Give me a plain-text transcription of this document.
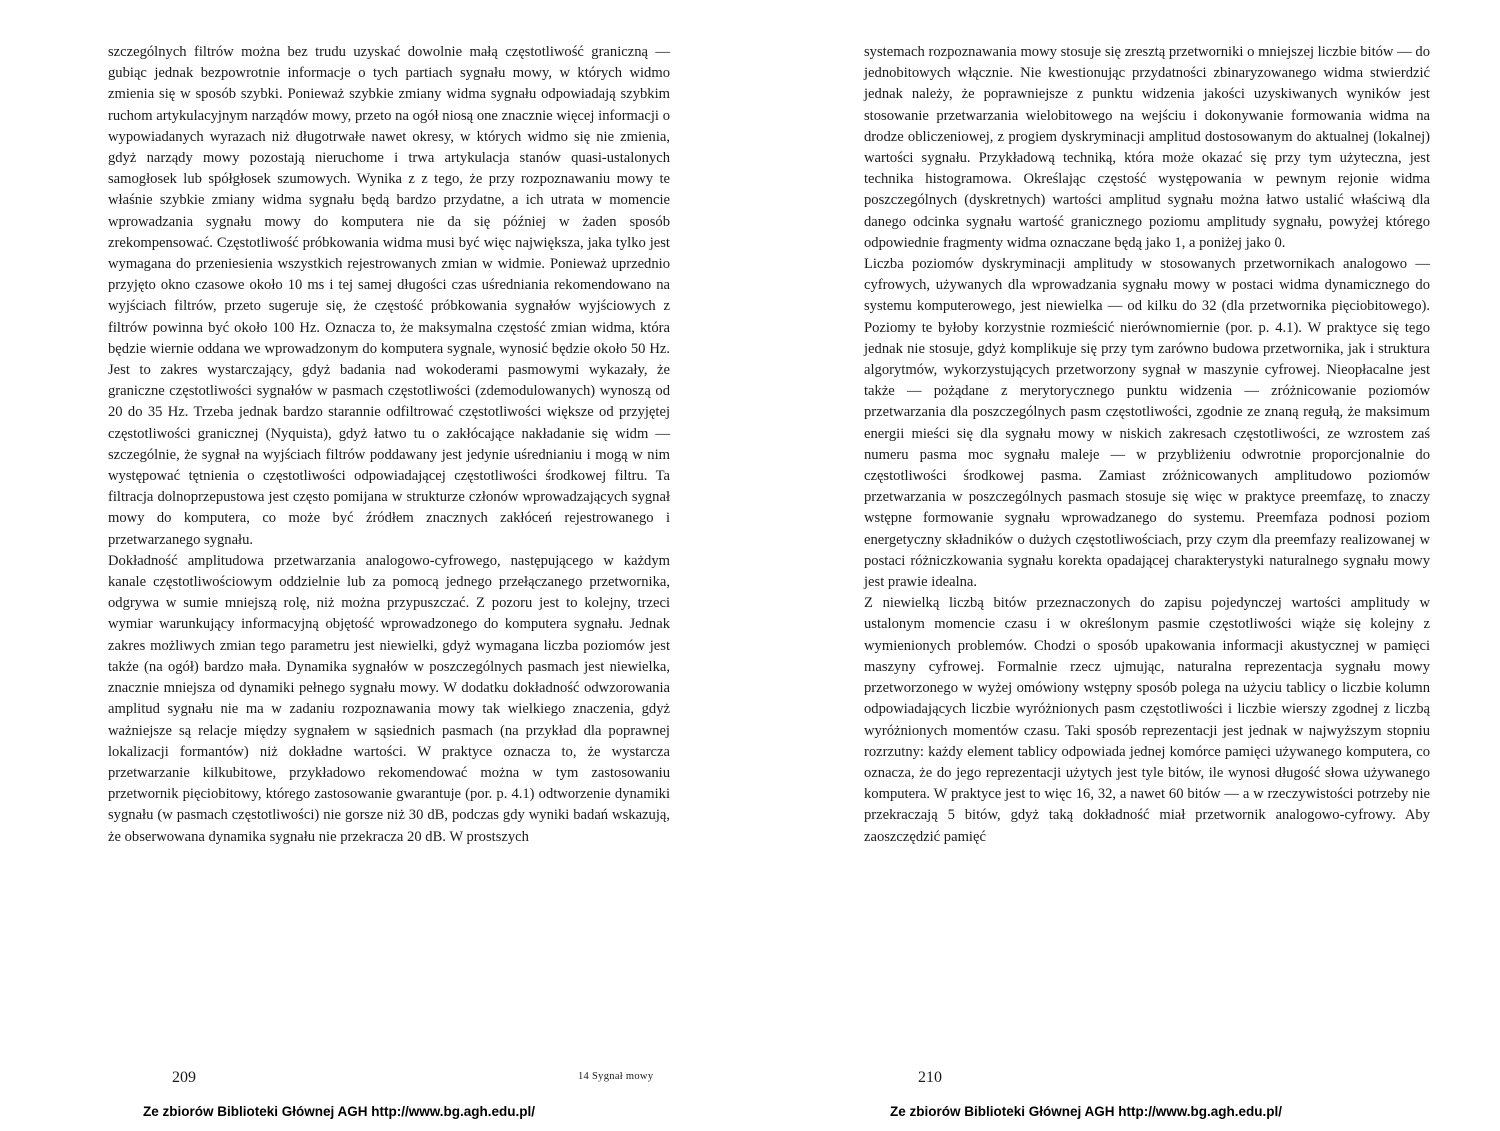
szczególnych filtrów można bez trudu uzyskać dowolnie małą częstotliwość graniczną — gubiąc jednak bezpowrotnie informacje o tych partiach sygnału mowy, w których widmo zmienia się w sposób szybki. Ponieważ szybkie zmiany widma sygnału odpowiadają szybkim ruchom artykulacyjnym narządów mowy, przeto na ogół niosą one znacznie więcej informacji o wypowiadanych wyrazach niż długotrwałe nawet okresy, w których widmo się nie zmienia, gdyż narządy mowy pozostają nieruchome i trwa artykulacja stanów quasi-ustalonych samogłosek lub spółgłosek szumowych. Wynika z z tego, że przy rozpoznawaniu mowy te właśnie szybkie zmiany widma sygnału będą bardzo przydatne, a ich utrata w momencie wprowadzania sygnału mowy do komputera nie da się później w żaden sposób zrekompensować. Częstotliwość próbkowania widma musi być więc największa, jaka tylko jest wymagana do przeniesienia wszystkich rejestrowanych zmian w widmie. Ponieważ uprzednio przyjęto okno czasowe około 10 ms i tej samej długości czas uśredniania rekomendowano na wyjściach filtrów, przeto sugeruje się, że częstość próbkowania sygnałów wyjściowych z filtrów powinna być około 100 Hz. Oznacza to, że maksymalna częstość zmian widma, która będzie wiernie oddana we wprowadzonym do komputera sygnale, wynosić będzie około 50 Hz. Jest to zakres wystarczający, gdyż badania nad wokoderami pasmowymi wykazały, że graniczne częstotliwości sygnałów w pasmach częstotliwości (zdemodulowanych) wynoszą od 20 do 35 Hz. Trzeba jednak bardzo starannie odfiltrować częstotliwości większe od przyjętej częstotliwości granicznej (Nyquista), gdyż łatwo tu o zakłócające nakładanie się widm — szczególnie, że sygnał na wyjściach filtrów poddawany jest jedynie uśrednianiu i mogą w nim występować tętnienia o częstotliwości odpowiadającej częstotliwości środkowej filtru. Ta filtracja dolnoprzepustowa jest często pomijana w strukturze członów wprowadzających sygnał mowy do komputera, co może być źródłem znacznych zakłóceń rejestrowanego i przetwarzanego sygnału.

Dokładność amplitudowa przetwarzania analogowo-cyfrowego, następującego w każdym kanale częstotliwościowym oddzielnie lub za pomocą jednego przełączanego przetwornika, odgrywa w sumie mniejszą rolę, niż można przypuszczać. Z pozoru jest to kolejny, trzeci wymiar warunkujący informacyjną objętość wprowadzonego do komputera sygnału. Jednak zakres możliwych zmian tego parametru jest niewielki, gdyż wymagana liczba poziomów jest także (na ogół) bardzo mała. Dynamika sygnałów w poszczególnych pasmach jest niewielka, znacznie mniejsza od dynamiki pełnego sygnału mowy. W dodatku dokładność odwzorowania amplitud sygnału nie ma w zadaniu rozpoznawania mowy tak wielkiego znaczenia, gdyż ważniejsze są relacje między sygnałem w sąsiednich pasmach (na przykład dla poprawnej lokalizacji formantów) niż dokładne wartości. W praktyce oznacza to, że wystarcza przetwarzanie kilkubitowe, przykładowo rekomendować można w tym zastosowaniu przetwornik pięciobitowy, którego zastosowanie gwarantuje (por. p. 4.1) odtworzenie dynamiki sygnału (w pasmach częstotliwości) nie gorsze niż 30 dB, podczas gdy wyniki badań wskazują, że obserwowana dynamika sygnału nie przekracza 20 dB. W prostszych

209	14 Sygnał mowy
Ze zbiorów Biblioteki Głównej AGH http://www.bg.agh.edu.pl/

systemach rozpoznawania mowy stosuje się zresztą przetworniki o mniejszej liczbie bitów — do jednobitowych włącznie. Nie kwestionując przydatności zbinaryzowanego widma stwierdzić jednak należy, że poprawniejsze z punktu widzenia jakości uzyskiwanych wyników jest stosowanie przetwarzania wielobitowego na wejściu i dokonywanie formowania widma na drodze obliczeniowej, z progiem dyskryminacji amplitud dostosowanym do aktualnej (lokalnej) wartości sygnału. Przykładową techniką, która może okazać się przy tym użyteczna, jest technika histogramowa. Określając częstość występowania w pewnym rejonie widma poszczególnych (dyskretnych) wartości amplitud sygnału można łatwo ustalić właściwą dla danego odcinka sygnału wartość granicznego poziomu amplitudy sygnału, powyżej którego odpowiednie fragmenty widma oznaczane będą jako 1, a poniżej jako 0.

Liczba poziomów dyskryminacji amplitudy w stosowanych przetwornikach analogowo — cyfrowych, używanych dla wprowadzania sygnału mowy w postaci widma dynamicznego do systemu komputerowego, jest niewielka — od kilku do 32 (dla przetwornika pięciobitowego). Poziomy te byłoby korzystnie rozmieścić nierównomiernie (por. p. 4.1). W praktyce się tego jednak nie stosuje, gdyż komplikuje się przy tym zarówno budowa przetwornika, jak i struktura algorytmów, wykorzystujących przetworzony sygnał w maszynie cyfrowej. Nieopłacalne jest także — pożądane z merytorycznego punktu widzenia — zróżnicowanie poziomów przetwarzania dla poszczególnych pasm częstotliwości, zgodnie ze znaną regułą, że maksimum energii mieści się dla sygnału mowy w niskich zakresach częstotliwości, ze wzrostem zaś numeru pasma moc sygnału maleje — w przybliżeniu odwrotnie proporcjonalnie do częstotliwości środkowej pasma. Zamiast zróżnicowanych amplitudowo poziomów przetwarzania w poszczególnych pasmach stosuje się więc w praktyce preemfazę, to znaczy wstępne formowanie sygnału wprowadzanego do systemu. Preemfaza podnosi poziom energetyczny składników o dużych częstotliwościach, przy czym dla preemfazy realizowanej w postaci różniczkowania sygnału korekta opadającej charakterystyki naturalnego sygnału mowy jest prawie idealna.

Z niewielką liczbą bitów przeznaczonych do zapisu pojedynczej wartości amplitudy w ustalonym momencie czasu i w określonym pasmie częstotliwości wiąże się kolejny z wymienionych problemów. Chodzi o sposób upakowania informacji akustycznej w pamięci maszyny cyfrowej. Formalnie rzecz ujmując, naturalna reprezentacja sygnału mowy przetworzonego w wyżej omówiony wstępny sposób polega na użyciu tablicy o liczbie kolumn odpowiadających liczbie wyróżnionych pasm częstotliwości i liczbie wierszy zgodnej z liczbą wyróżnionych momentów czasu. Taki sposób reprezentacji jest jednak w najwyższym stopniu rozrzutny: każdy element tablicy odpowiada jednej komórce pamięci używanego komputera, co oznacza, że do jego reprezentacji użytych jest tyle bitów, ile wynosi długość słowa używanego komputera. W praktyce jest to więc 16, 32, a nawet 60 bitów — a w rzeczywistości potrzeby nie przekraczają 5 bitów, gdyż taką dokładność miał przetwornik analogowo-cyfrowy. Aby zaoszczędzić pamięć

210
Ze zbiorów Biblioteki Głównej AGH http://www.bg.agh.edu.pl/
